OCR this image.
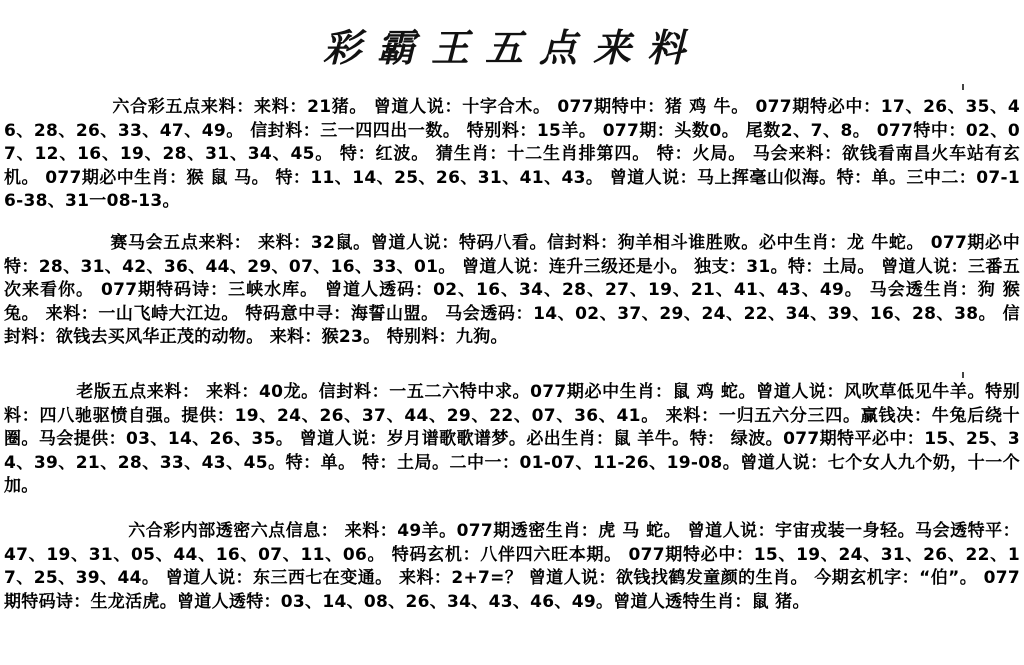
彩霸王五点来料
六合彩五点来料：来料：21猪。 曾道人说：十字合木。 077期特中：猪 鸡 牛。 077期特必中：17、26、35、46、28、26、33、47、49。 信封料：三一四四出一数。 特别料：15羊。 077期：头数0。 尾数2、7、8。 077特中：02、07、12、16、19、28、31、34、45。 特：红波。 猜生肖：十二生肖排第四。 特：火局。 马会来料：欲钱看南昌火车站有玄机。 077期必中生肖：猴 鼠 马。 特：11、14、25、26、31、41、43。 曾道人说：马上挥毫山似海。特：单。三中二：07-16-38、31一08-13。
赛马会五点来料： 来料：32鼠。曾道人说：特码八看。信封料：狗羊相斗谁胜败。必中生肖：龙 牛蛇。 077期必中特：28、31、42、36、44、29、07、16、33、01。 曾道人说：连升三级还是小。 独支：31。特：土局。 曾道人说：三番五次来看你。 077期特码诗：三峡水库。 曾道人透码：02、16、34、28、27、19、21、41、43、49。 马会透生肖：狗 猴 兔。 来料：一山飞峙大江边。 特码意中寻：海誓山盟。 马会透码：14、02、37、29、24、22、34、39、16、28、38。 信封料：欲钱去买风华正茂的动物。 来料：猴23。 特别料：九狗。
老版五点来料： 来料：40龙。信封料：一五二六特中求。077期必中生肖：鼠 鸡 蛇。曾道人说：风吹草低见牛羊。特别料：四八驰驱愤自强。提供：19、24、26、37、44、29、22、07、36、41。 来料：一归五六分三四。赢钱决：牛兔后绕十圈。马会提供：03、14、26、35。 曾道人说：岁月谱歌歌谱梦。必出生肖：鼠 羊牛。特： 绿波。077期特平必中：15、25、34、39、21、28、33、43、45。特：单。 特：土局。二中一：01-07、11-26、19-08。曾道人说：七个女人九个奶，十一个加。
六合彩内部透密六点信息： 来料：49羊。077期透密生肖：虎 马 蛇。 曾道人说：宇宙戎装一身轻。马会透特平：47、19、31、05、44、16、07、11、06。 特码玄机：八伴四六旺本期。 077期特必中：15、19、24、31、26、22、17、25、39、44。 曾道人说：东三西七在变通。 来料：2+7=？ 曾道人说：欲钱找鹤发童颜的生肖。 今期玄机字：“伯”。 077期特码诗：生龙活虎。曾道人透特：03、14、08、26、34、43、46、49。曾道人透特生肖：鼠 猪。
